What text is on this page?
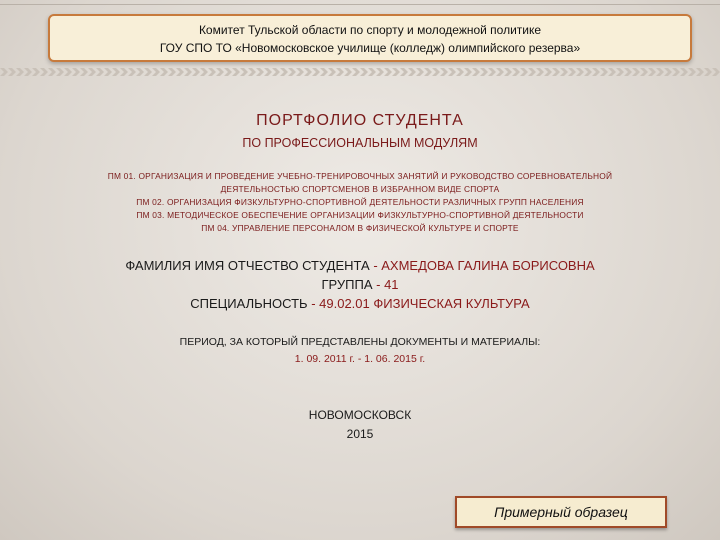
Комитет Тульской области по спорту и молодежной политике
ГОУ СПО ТО «Новомосковское училище (колледж) олимпийского резерва»
ПОРТФОЛИО СТУДЕНТА
ПО ПРОФЕССИОНАЛЬНЫМ МОДУЛЯМ
ПМ 01. ОРГАНИЗАЦИЯ И ПРОВЕДЕНИЕ УЧЕБНО-ТРЕНИРОВОЧНЫХ ЗАНЯТИЙ И РУКОВОДСТВО СОРЕВНОВАТЕЛЬНОЙ
ДЕЯТЕЛЬНОСТЬЮ СПОРТСМЕНОВ В ИЗБРАННОМ ВИДЕ СПОРТА
ПМ 02. ОРГАНИЗАЦИЯ ФИЗКУЛЬТУРНО-СПОРТИВНОЙ ДЕЯТЕЛЬНОСТИ РАЗЛИЧНЫХ ГРУПП НАСЕЛЕНИЯ
ПМ 03. МЕТОДИЧЕСКОЕ ОБЕСПЕЧЕНИЕ ОРГАНИЗАЦИИ ФИЗКУЛЬТУРНО-СПОРТИВНОЙ ДЕЯТЕЛЬНОСТИ
ПМ 04. УПРАВЛЕНИЕ ПЕРСОНАЛОМ В ФИЗИЧЕСКОЙ КУЛЬТУРЕ И СПОРТЕ
ФАМИЛИЯ ИМЯ ОТЧЕСТВО СТУДЕНТА - АХМЕДОВА ГАЛИНА БОРИСОВНА
ГРУППА - 41
СПЕЦИАЛЬНОСТЬ - 49.02.01 ФИЗИЧЕСКАЯ КУЛЬТУРА
ПЕРИОД, ЗА КОТОРЫЙ ПРЕДСТАВЛЕНЫ ДОКУМЕНТЫ И МАТЕРИАЛЫ:
1. 09. 2011 г. - 1. 06. 2015 г.
НОВОМОСКОВСК
2015
Примерный образец
